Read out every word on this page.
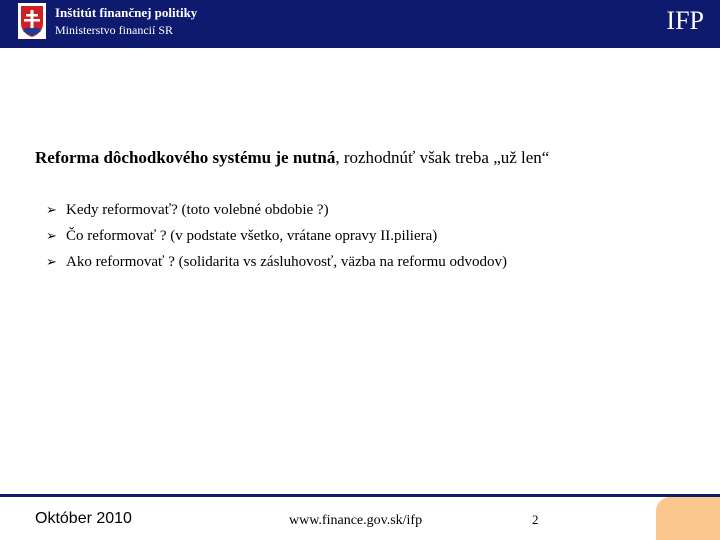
Inštitút finančnej politiky
Ministerstvo financií SR	IFP
Reforma dôchodkového systému je nutná, rozhodnúť však treba „už len“
➢ Kedy reformovať? (toto volebné obdobie ?)
➢ Čo reformovať ? (v podstate všetko, vrátane opravy II.piliera)
➢ Ako reformovať ? (solidarita vs zásluhovosť, väzba na reformu odvodov)
Október 2010	www.finance.gov.sk/ifp	2
